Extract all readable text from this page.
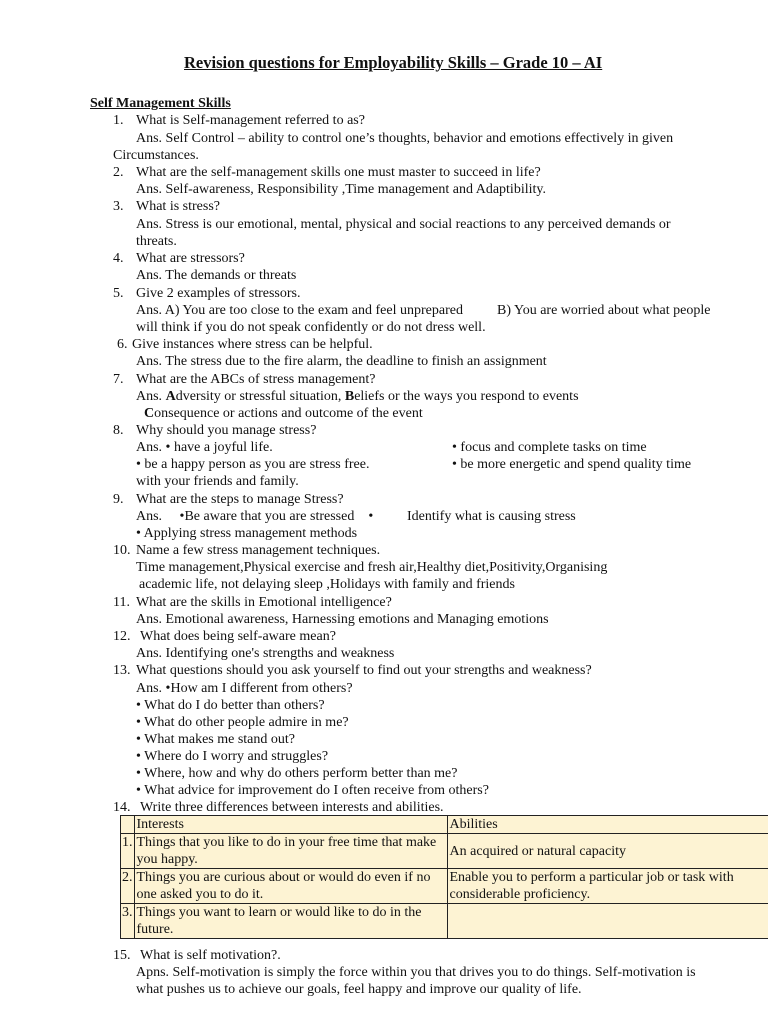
Revision questions for Employability Skills – Grade 10 – AI
Self Management Skills
1. What is Self-management referred to as?
Ans. Self Control – ability to control one’s thoughts, behavior and emotions effectively in given
Circumstances.
2. What are the self-management skills one must master to succeed in life?
Ans. Self-awareness, Responsibility ,Time management and Adaptibility.
3. What is stress?
Ans. Stress is our emotional, mental, physical and social reactions to any perceived demands or
threats.
4. What are stressors?
Ans. The demands or threats
5. Give 2 examples of stressors.
Ans. A) You are too close to the exam and feel unprepared B) You are worried about what people
will think if you do not speak confidently or do not dress well.
6. Give instances where stress can be helpful.
Ans. The stress due to the fire alarm, the deadline to finish an assignment
7. What are the ABCs of stress management?
Ans. Adversity or stressful situation, Beliefs or the ways you respond to events
Consequence or actions and outcome of the event
8. Why should you manage stress?
Ans. • have a joyful life.	• focus and complete tasks on time
• be a happy person as you are stress free.	• be more energetic and spend quality time
with your friends and family.
9. What are the steps to manage Stress?
Ans.     •Be aware that you are stressed    • Identify what is causing stress
• Applying stress management methods
10. Name a few stress management techniques.
Time management,Physical exercise and fresh air,Healthy diet,Positivity,Organising
academic life, not delaying sleep ,Holidays with family and friends
11. What are the skills in Emotional intelligence?
Ans. Emotional awareness, Harnessing emotions and Managing emotions
12. What does being self-aware mean?
Ans. Identifying one's strengths and weakness
13. What questions should you ask yourself to find out your strengths and weakness?
Ans. •How am I different from others?
• What do I do better than others?
• What do other people admire in me?
• What makes me stand out?
• Where do I worry and struggles?
• Where, how and why do others perform better than me?
• What advice for improvement do I often receive from others?
14. Write three differences between interests and abilities.
	Interests	Abilities
1.	Things that you like to do in your free time that make you happy.	An acquired or natural capacity
2.	Things you are curious about or would do even if no one asked you to do it.	Enable you to perform a particular job or task with considerable proficiency.
3.	Things you want to learn or would like to do in the future.	
15. What is self motivation?.
Apns. Self-motivation is simply the force within you that drives you to do things. Self-motivation is
what pushes us to achieve our goals, feel happy and improve our quality of life.
